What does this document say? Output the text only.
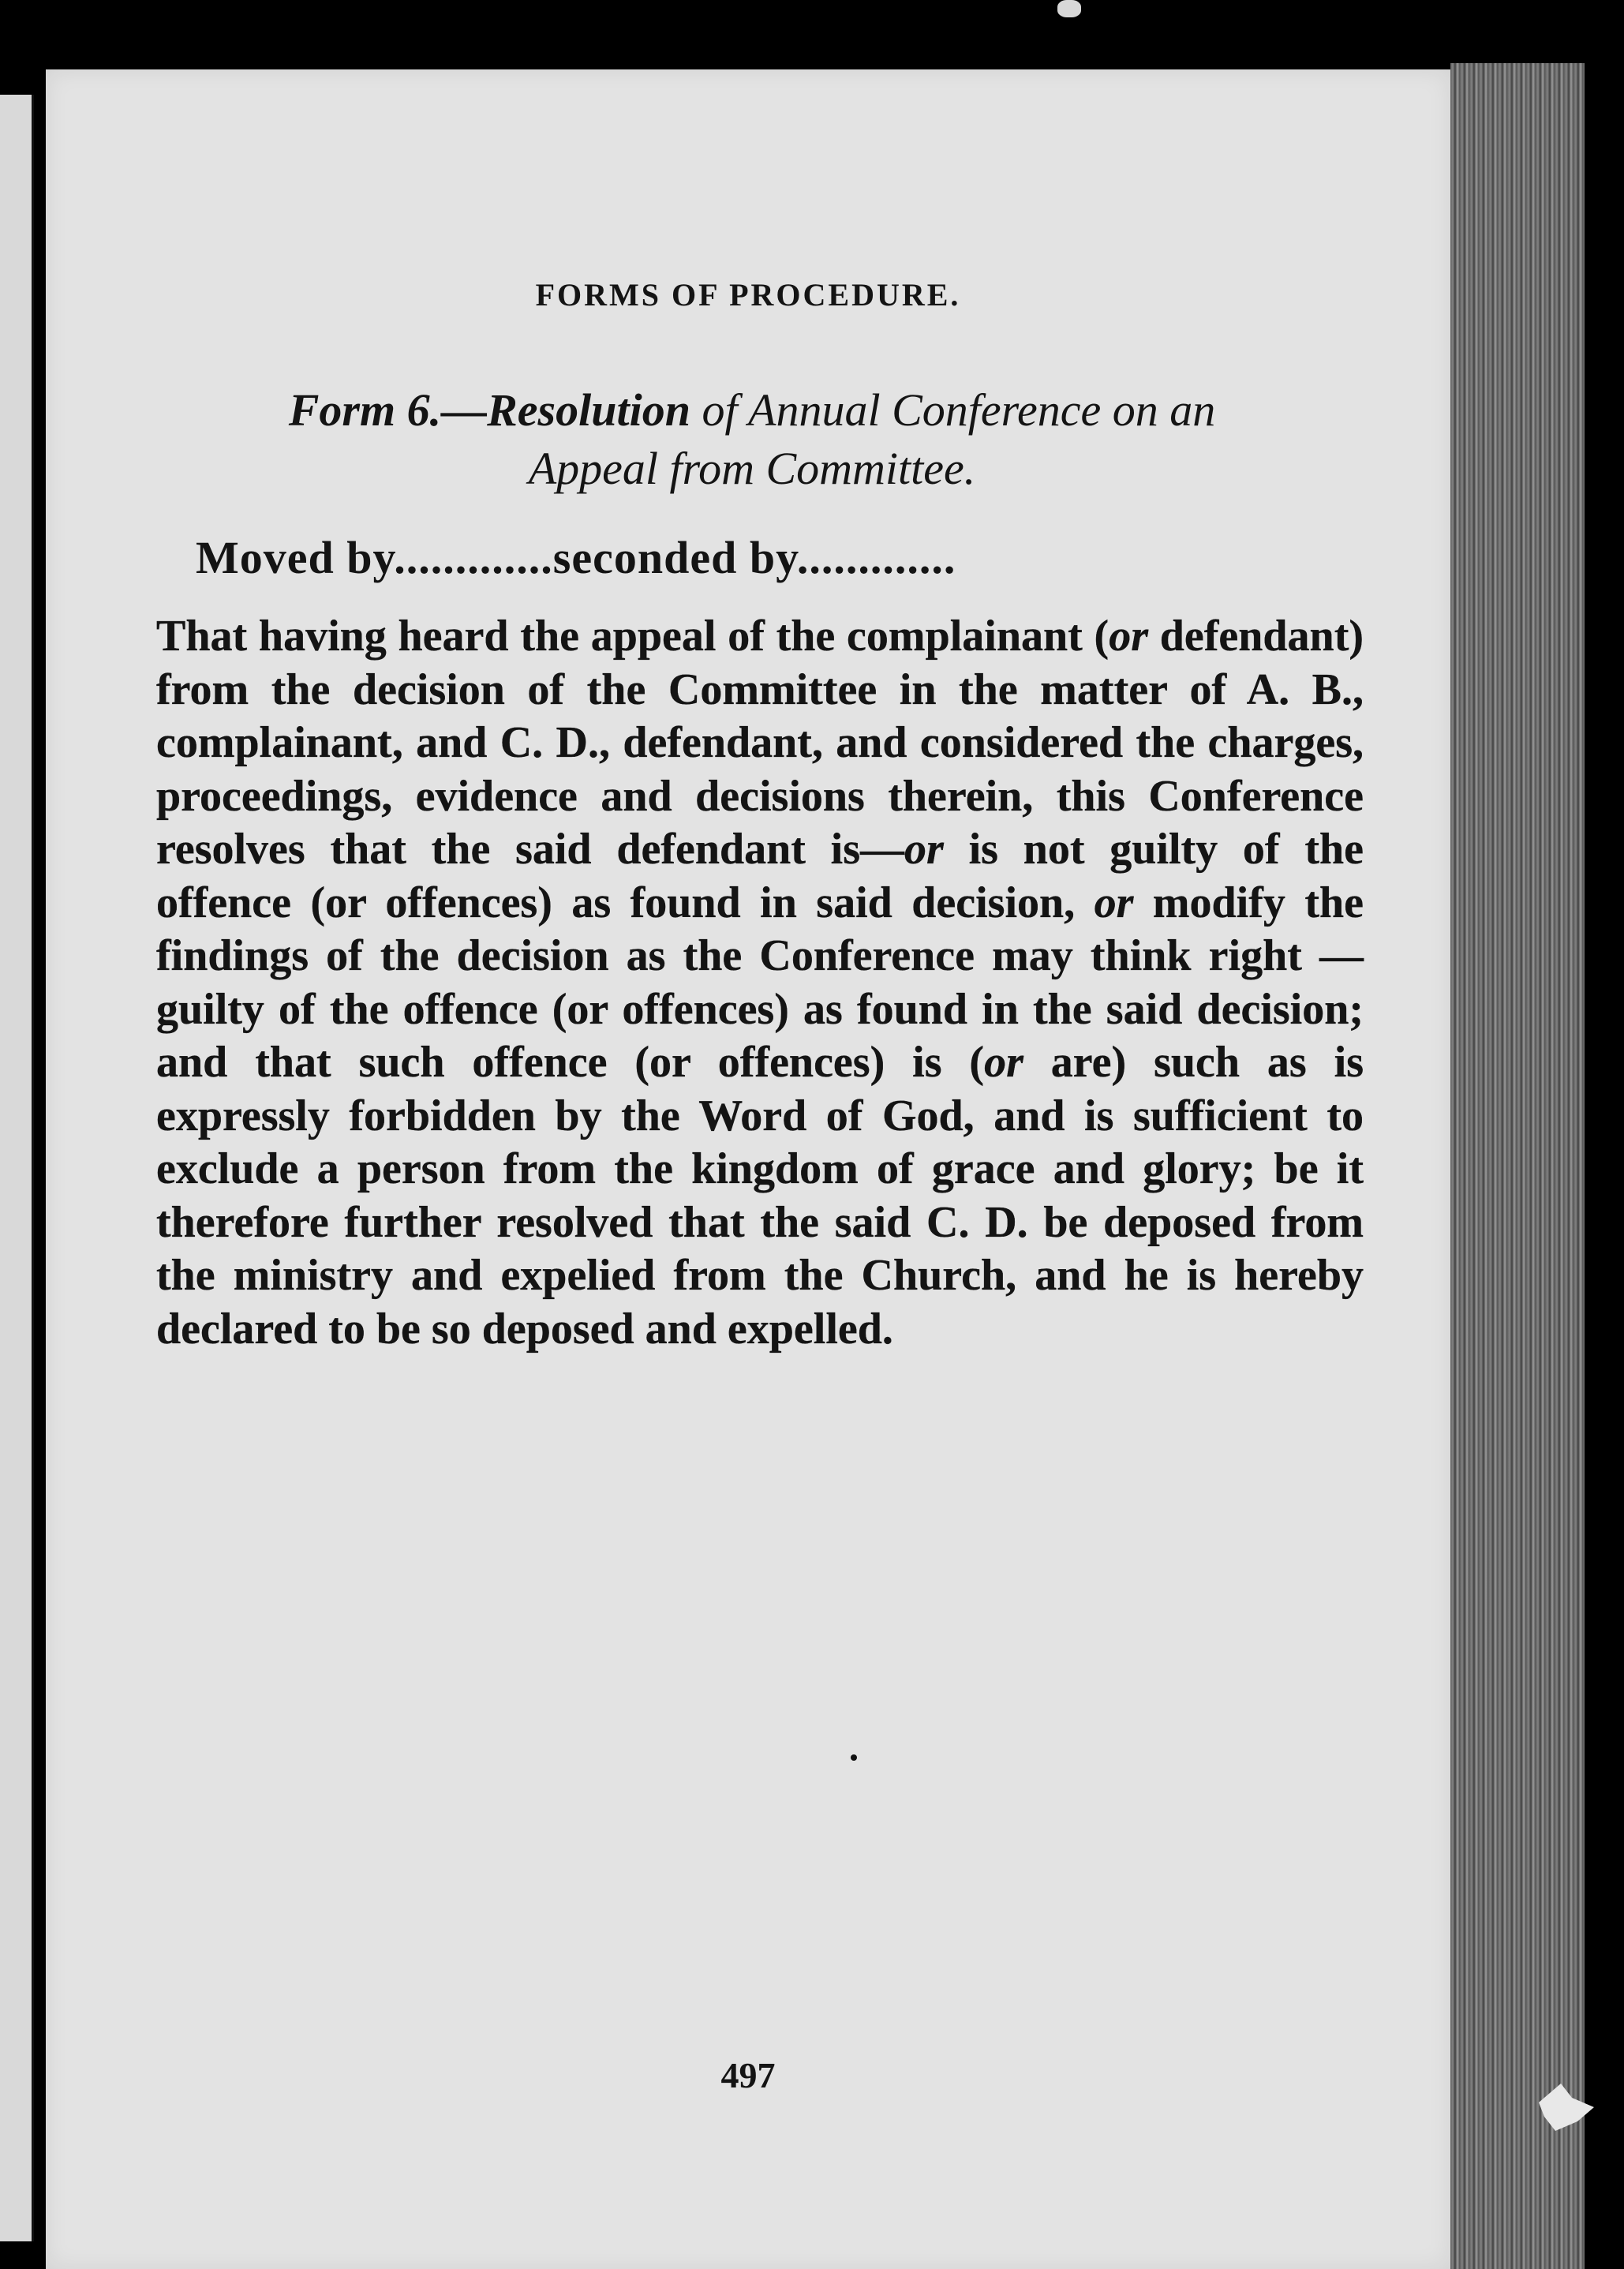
FORMS OF PROCEDURE.
Form 6.—Resolution of Annual Conference on an
Appeal from Committee.
Moved by.............seconded by.............
That having heard the appeal of the complainant (or defendant) from the decision of the Committee in the matter of A. B., complainant, and C. D., defendant, and considered the charges, proceedings, evidence and decisions therein, this Conference resolves that the said defendant is—or is not guilty of the offence (or offences) as found in said decision, or modify the findings of the decision as the Conference may think right —guilty of the offence (or offences) as found in the said decision; and that such offence (or offences) is (or are) such as is expressly forbidden by the Word of God, and is sufficient to exclude a person from the kingdom of grace and glory; be it therefore further resolved that the said C. D. be deposed from the ministry and expelied from the Church, and he is hereby declared to be so deposed and expelled.
497
